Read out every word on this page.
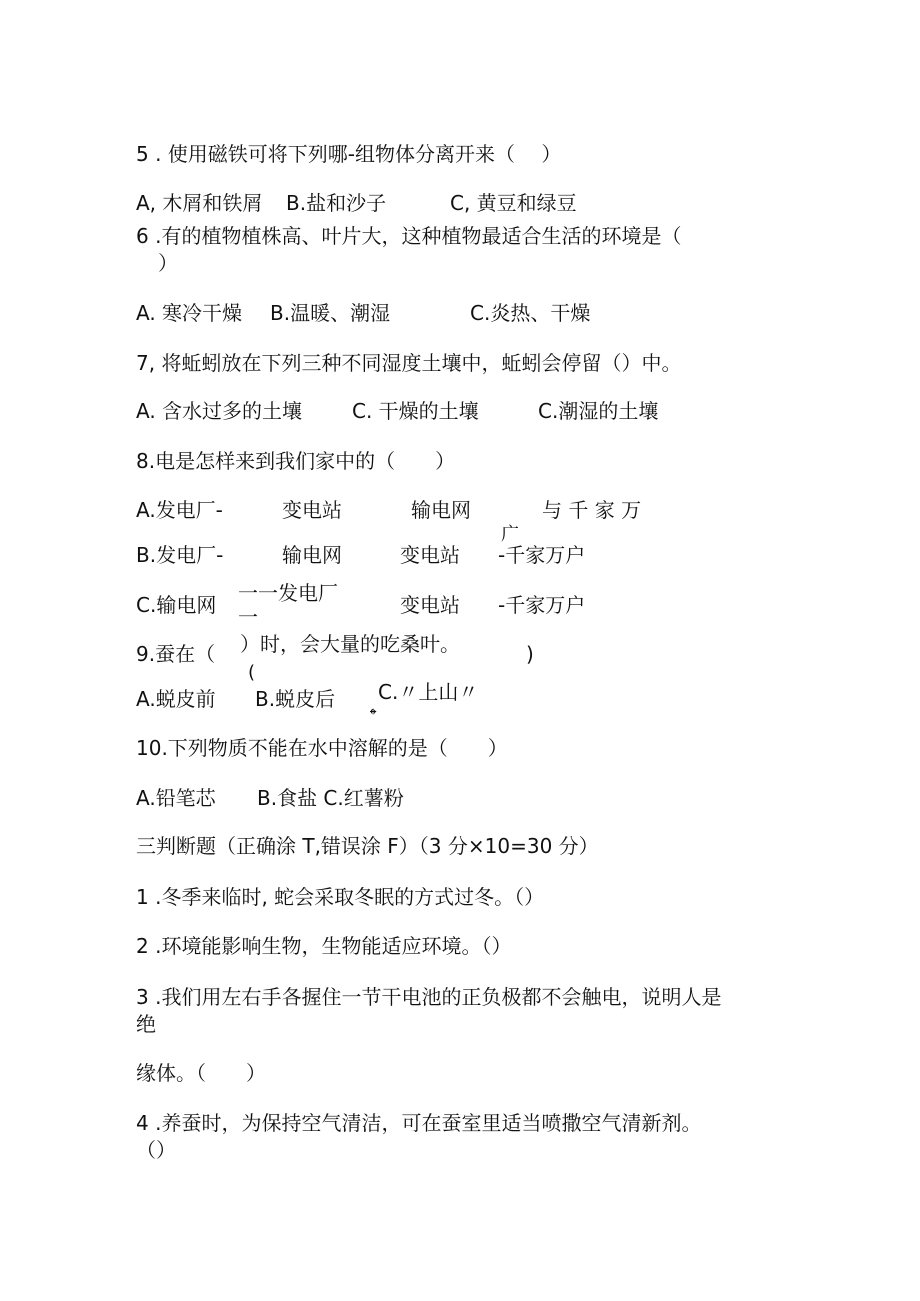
5 . 使用磁铁可将下列哪-组物体分离开来（　 ）
A, 木屑和铁屑 B.盐和沙子	C, 黄豆和绿豆
6 .有的植物植株高、叶片大，这种植物最适合生活的环境是（
）
A. 寒冷干燥 B.温暖、潮湿	C.炎热、干燥
7, 将蚯蚓放在下列三种不同湿度土壤中，蚯蚓会停留（）中。
A. 含水过多的土壤 C. 干燥的土壤	C.潮湿的土壤
8.电是怎样来到我们家中的（　　）
A.发电厂-	变电站	输电网	与 千 家 万
广
B.发电厂-	输电网	变电站 -千家万户
C.输电网 一一发电厂
一	变电站 -千家万户
9.蚕在（ ）时，会大量的吃桑叶。	)
(
A.蜕皮前 B.蜕皮后 C.〃上山〃
𝄌
10.下列物质不能在水中溶解的是（　　）
A.铅笔芯 B.食盐 C.红薯粉
三判断题（正确涂 T,错误涂 F）（3 分×10=30 分）
1 .冬季来临时, 蛇会采取冬眠的方式过冬。（）
2 .环境能影响生物，生物能适应环境。（）
3 .我们用左右手各握住一节干电池的正负极都不会触电，说明人是
绝
缘体。（　　）
4 .养蚕时，为保持空气清洁，可在蚕室里适当喷撒空气清新剂。
（）
